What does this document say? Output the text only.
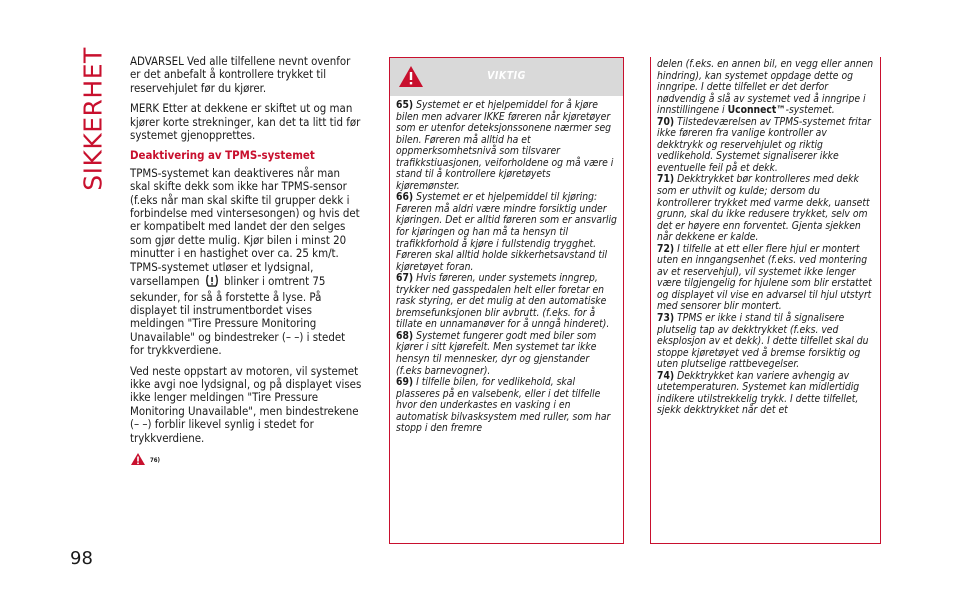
SIKKERHET ADVARSEL Ved alle tilfellene nevnt ovenfor er det anbefalt å kontrollere trykket til reservehjulet før du kjører.

MERK Etter at dekkene er skiftet ut og man kjører korte strekninger, kan det ta litt tid før systemet gjenopprettes.

Deaktivering av TPMS-systemet

TPMS-systemet kan deaktiveres når man skal skifte dekk som ikke har TPMS-sensor (f.eks når man skal skifte til grupper dekk i forbindelse med vintersesongen) og hvis det er kompatibelt med landet der den selges som gjør dette mulig. Kjør bilen i minst 20 minutter i en hastighet over ca. 25 km/t. TPMS-systemet utløser et lydsignal, varsellampen blinker i omtrent 75 sekunder, for så å forstette å lyse. På displayet til instrumentbordet vises meldingen "Tire Pressure Monitoring Unavailable" og bindestreker (– –) i stedet for trykkverdiene.

Ved neste oppstart av motoren, vil systemet ikke avgi noe lydsignal, og på displayet vises ikke lenger meldingen "Tire Pressure Monitoring Unavailable", men bindestrekene (– –) forblir likevel synlig i stedet for trykkverdiene.

76)
VIKTIG

65) Systemet er et hjelpemiddel for å kjøre bilen men advarer IKKE føreren når kjøretøyer som er utenfor deteksjonssonene nærmer seg bilen. Føreren må alltid ha et oppmerksomhetsnivå som tilsvarer trafikkstiuasjonen, veiforholdene og må være i stand til å kontrollere kjøretøyets kjøremønster.

66) Systemet er et hjelpemiddel til kjøring: Føreren må aldri være mindre forsiktig under kjøringen. Det er alltid føreren som er ansvarlig for kjøringen og han må ta hensyn til trafikkforhold å kjøre i fullstendig trygghet. Føreren skal alltid holde sikkerhetsavstand til kjøretøyet foran.

67) Hvis føreren, under systemets inngrep, trykker ned gasspedalen helt eller foretar en rask styring, er det mulig at den automatiske bremsefunksjonen blir avbrutt. (f.eks. for å tillate en unnamanøver for å unngå hinderet).

68) Systemet fungerer godt med biler som kjører i sitt kjørefelt. Men systemet tar ikke hensyn til mennesker, dyr og gjenstander (f.eks barnevogner).

69) I tilfelle bilen, for vedlikehold, skal plasseres på en valsebenk, eller i det tilfelle hvor den underkastes en vasking i en automatisk bilvasksystem med ruller, som har stopp i den fremre

delen (f.eks. en annen bil, en vegg eller annen hindring), kan systemet oppdage dette og inngripe. I dette tilfellet er det derfor nødvendig å slå av systemet ved å inngripe i innstillingene i Uconnect™-systemet.

70) Tilstedeværelsen av TPMS-systemet fritar ikke føreren fra vanlige kontroller av dekktrykk og reservehjulet og riktig vedlikehold. Systemet signaliserer ikke eventuelle feil på et dekk.

71) Dekktrykket bør kontrolleres med dekk som er uthvilt og kulde; dersom du kontrollerer trykket med varme dekk, uansett grunn, skal du ikke redusere trykket, selv om det er høyere enn forventet. Gjenta sjekken når dekkene er kalde.

72) I tilfelle at ett eller flere hjul er montert uten en inngangsenhet (f.eks. ved montering av et reservehjul), vil systemet ikke lenger være tilgjengelig for hjulene som blir erstattet og displayet vil vise en advarsel til hjul utstyrt med sensorer blir montert.

73) TPMS er ikke i stand til å signalisere plutselig tap av dekktrykket (f.eks. ved eksplosjon av et dekk). I dette tilfellet skal du stoppe kjøretøyet ved å bremse forsiktig og uten plutselige rattbevegelser.

74) Dekktrykket kan variere avhengig av utetemperaturen. Systemet kan midlertidig indikere utilstrekkelig trykk. I dette tilfellet, sjekk dekktrykket når det et

98
